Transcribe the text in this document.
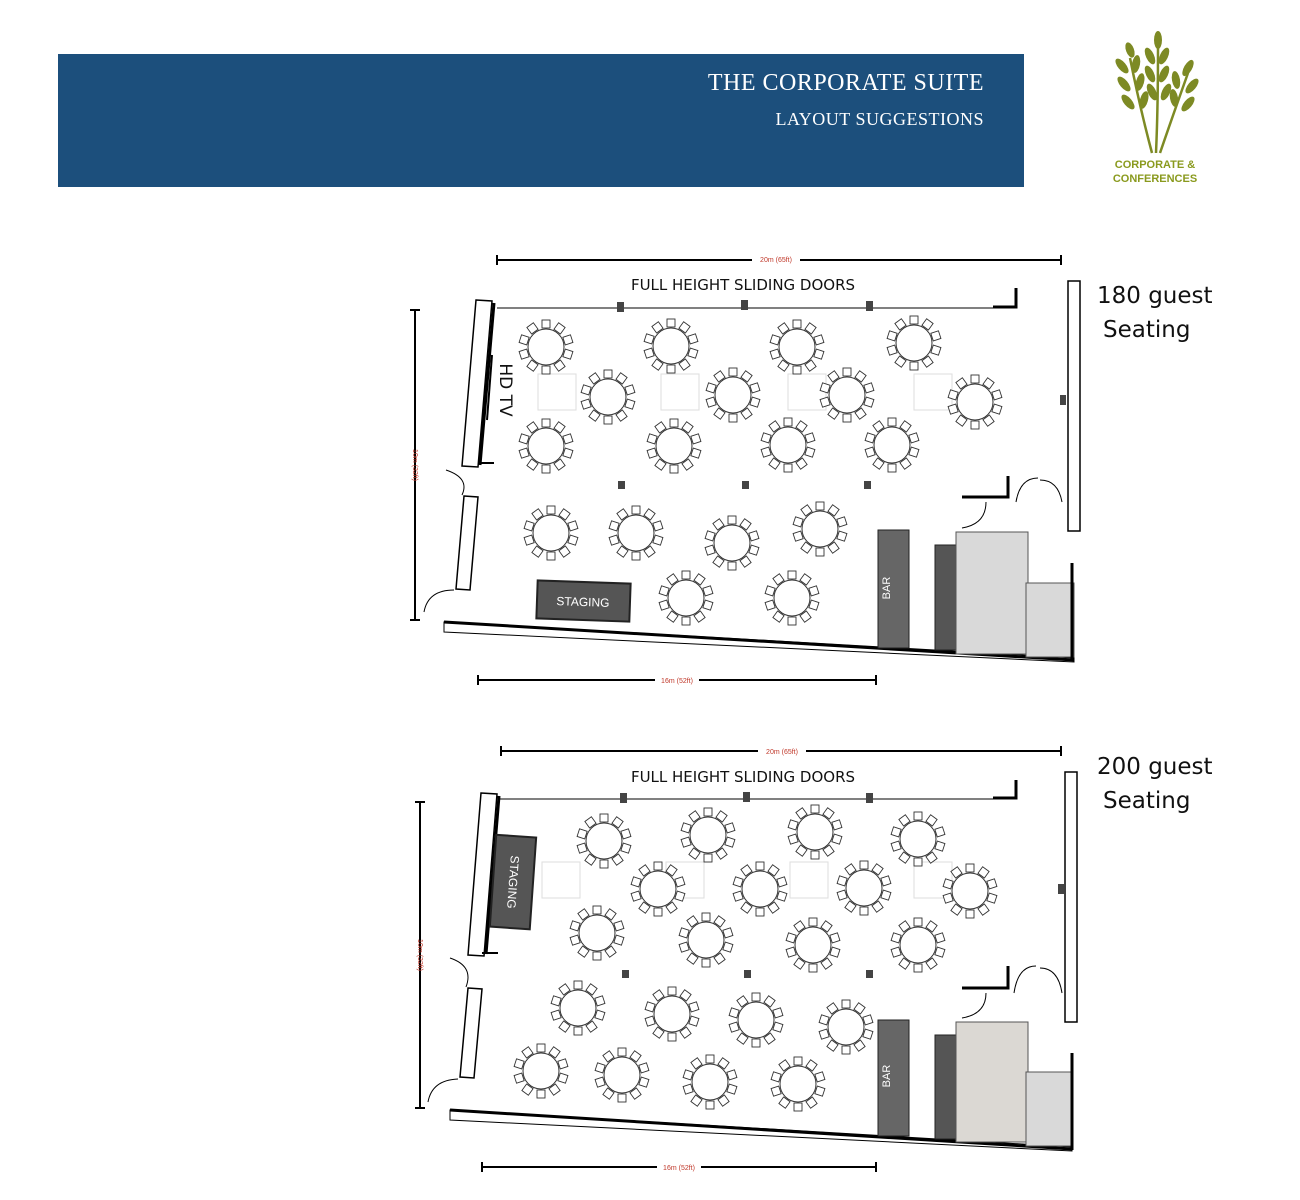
THE CORPORATE SUITE
LAYOUT SUGGESTIONS
CORPORATE &
CONFERENCES
20m (65ft)
10m (32ft)
16m (52ft)
FULL HEIGHT SLIDING DOORS
HD TV
BAR
STAGING
180 guest
Seating
20m (65ft)
10m (32ft)
16m (52ft)
FULL HEIGHT SLIDING DOORS
STAGING
BAR
200 guest
Seating
